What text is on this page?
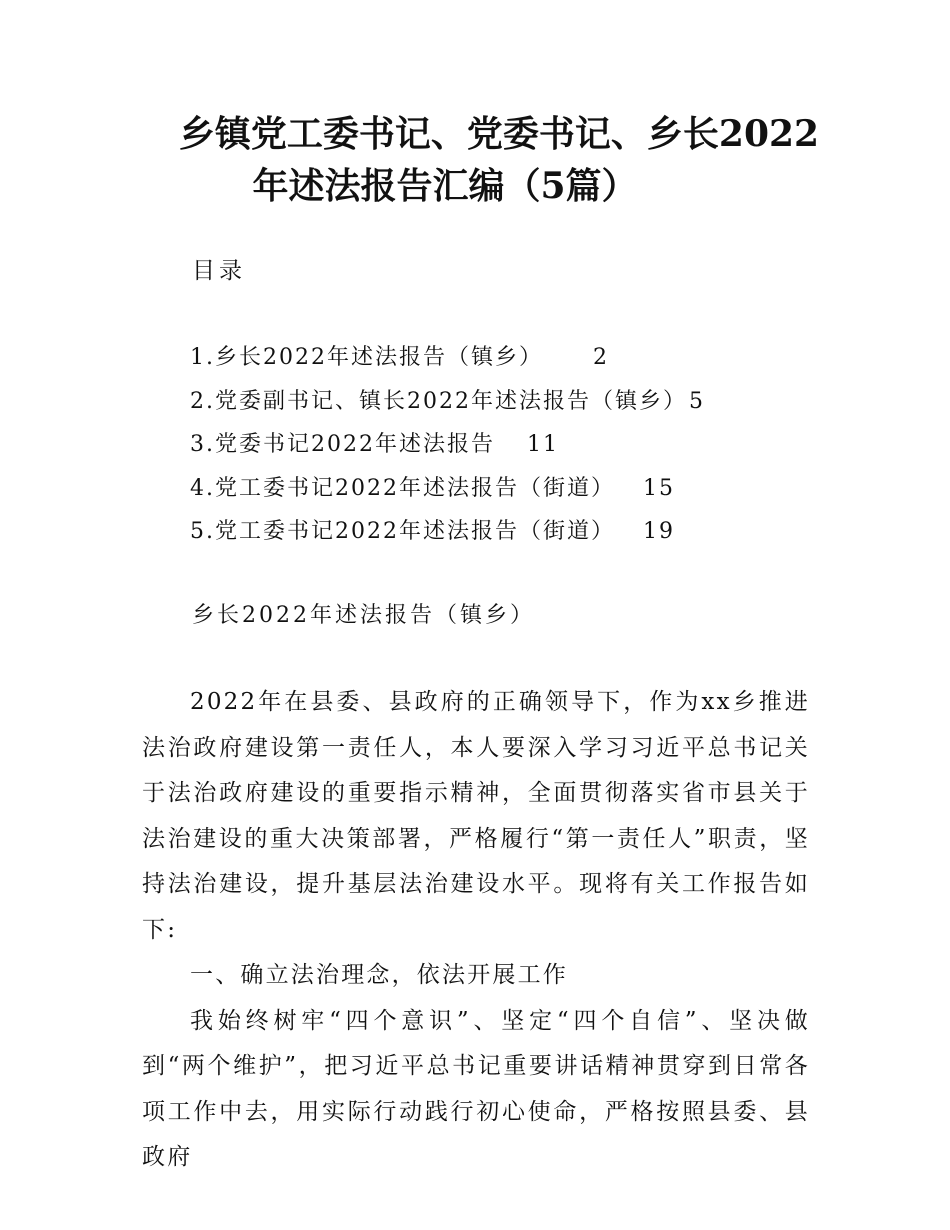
乡镇党工委书记、党委书记、乡长2022
年述法报告汇编（5篇）
目录
1.乡长2022年述法报告（镇乡） 2
2.党委副书记、镇长2022年述法报告（镇乡）5
3.党委书记2022年述法报告 11
4.党工委书记2022年述法报告（街道） 15
5.党工委书记2022年述法报告（街道） 19
乡长2022年述法报告（镇乡）

2022年在县委、县政府的正确领导下，作为xx乡推进法治政府建设第一责任人，本人要深入学习习近平总书记关于法治政府建设的重要指示精神，全面贯彻落实省市县关于法治建设的重大决策部署，严格履行“第一责任人”职责，坚持法治建设，提升基层法治建设水平。现将有关工作报告如下:

一、确立法治理念，依法开展工作

我始终树牢“四个意识”、坚定“四个自信”、坚决做到“两个维护”，把习近平总书记重要讲话精神贯穿到日常各项工作中去，用实际行动践行初心使命，严格按照县委、县政府
